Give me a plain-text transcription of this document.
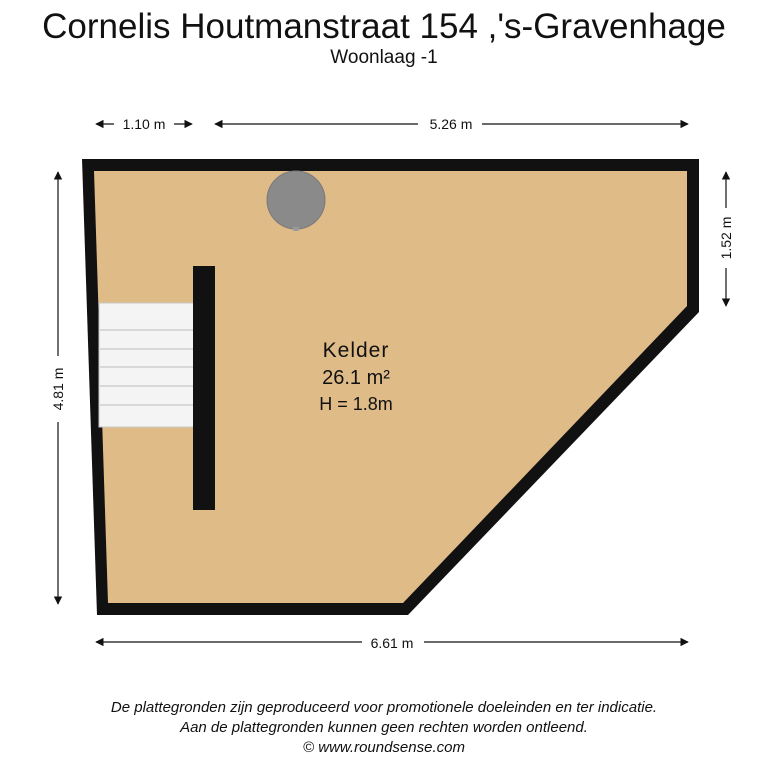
Cornelis Houtmanstraat 154 ,'s-Gravenhage
Woonlaag -1
Kelder
26.1 m²
H = 1.8m
1.10 m	5.26 m
4.81 m
1.52 m
6.61 m
De plattegronden zijn geproduceerd voor promotionele doeleinden en ter indicatie.
Aan de plattegronden kunnen geen rechten worden ontleend.
© www.roundsense.com
